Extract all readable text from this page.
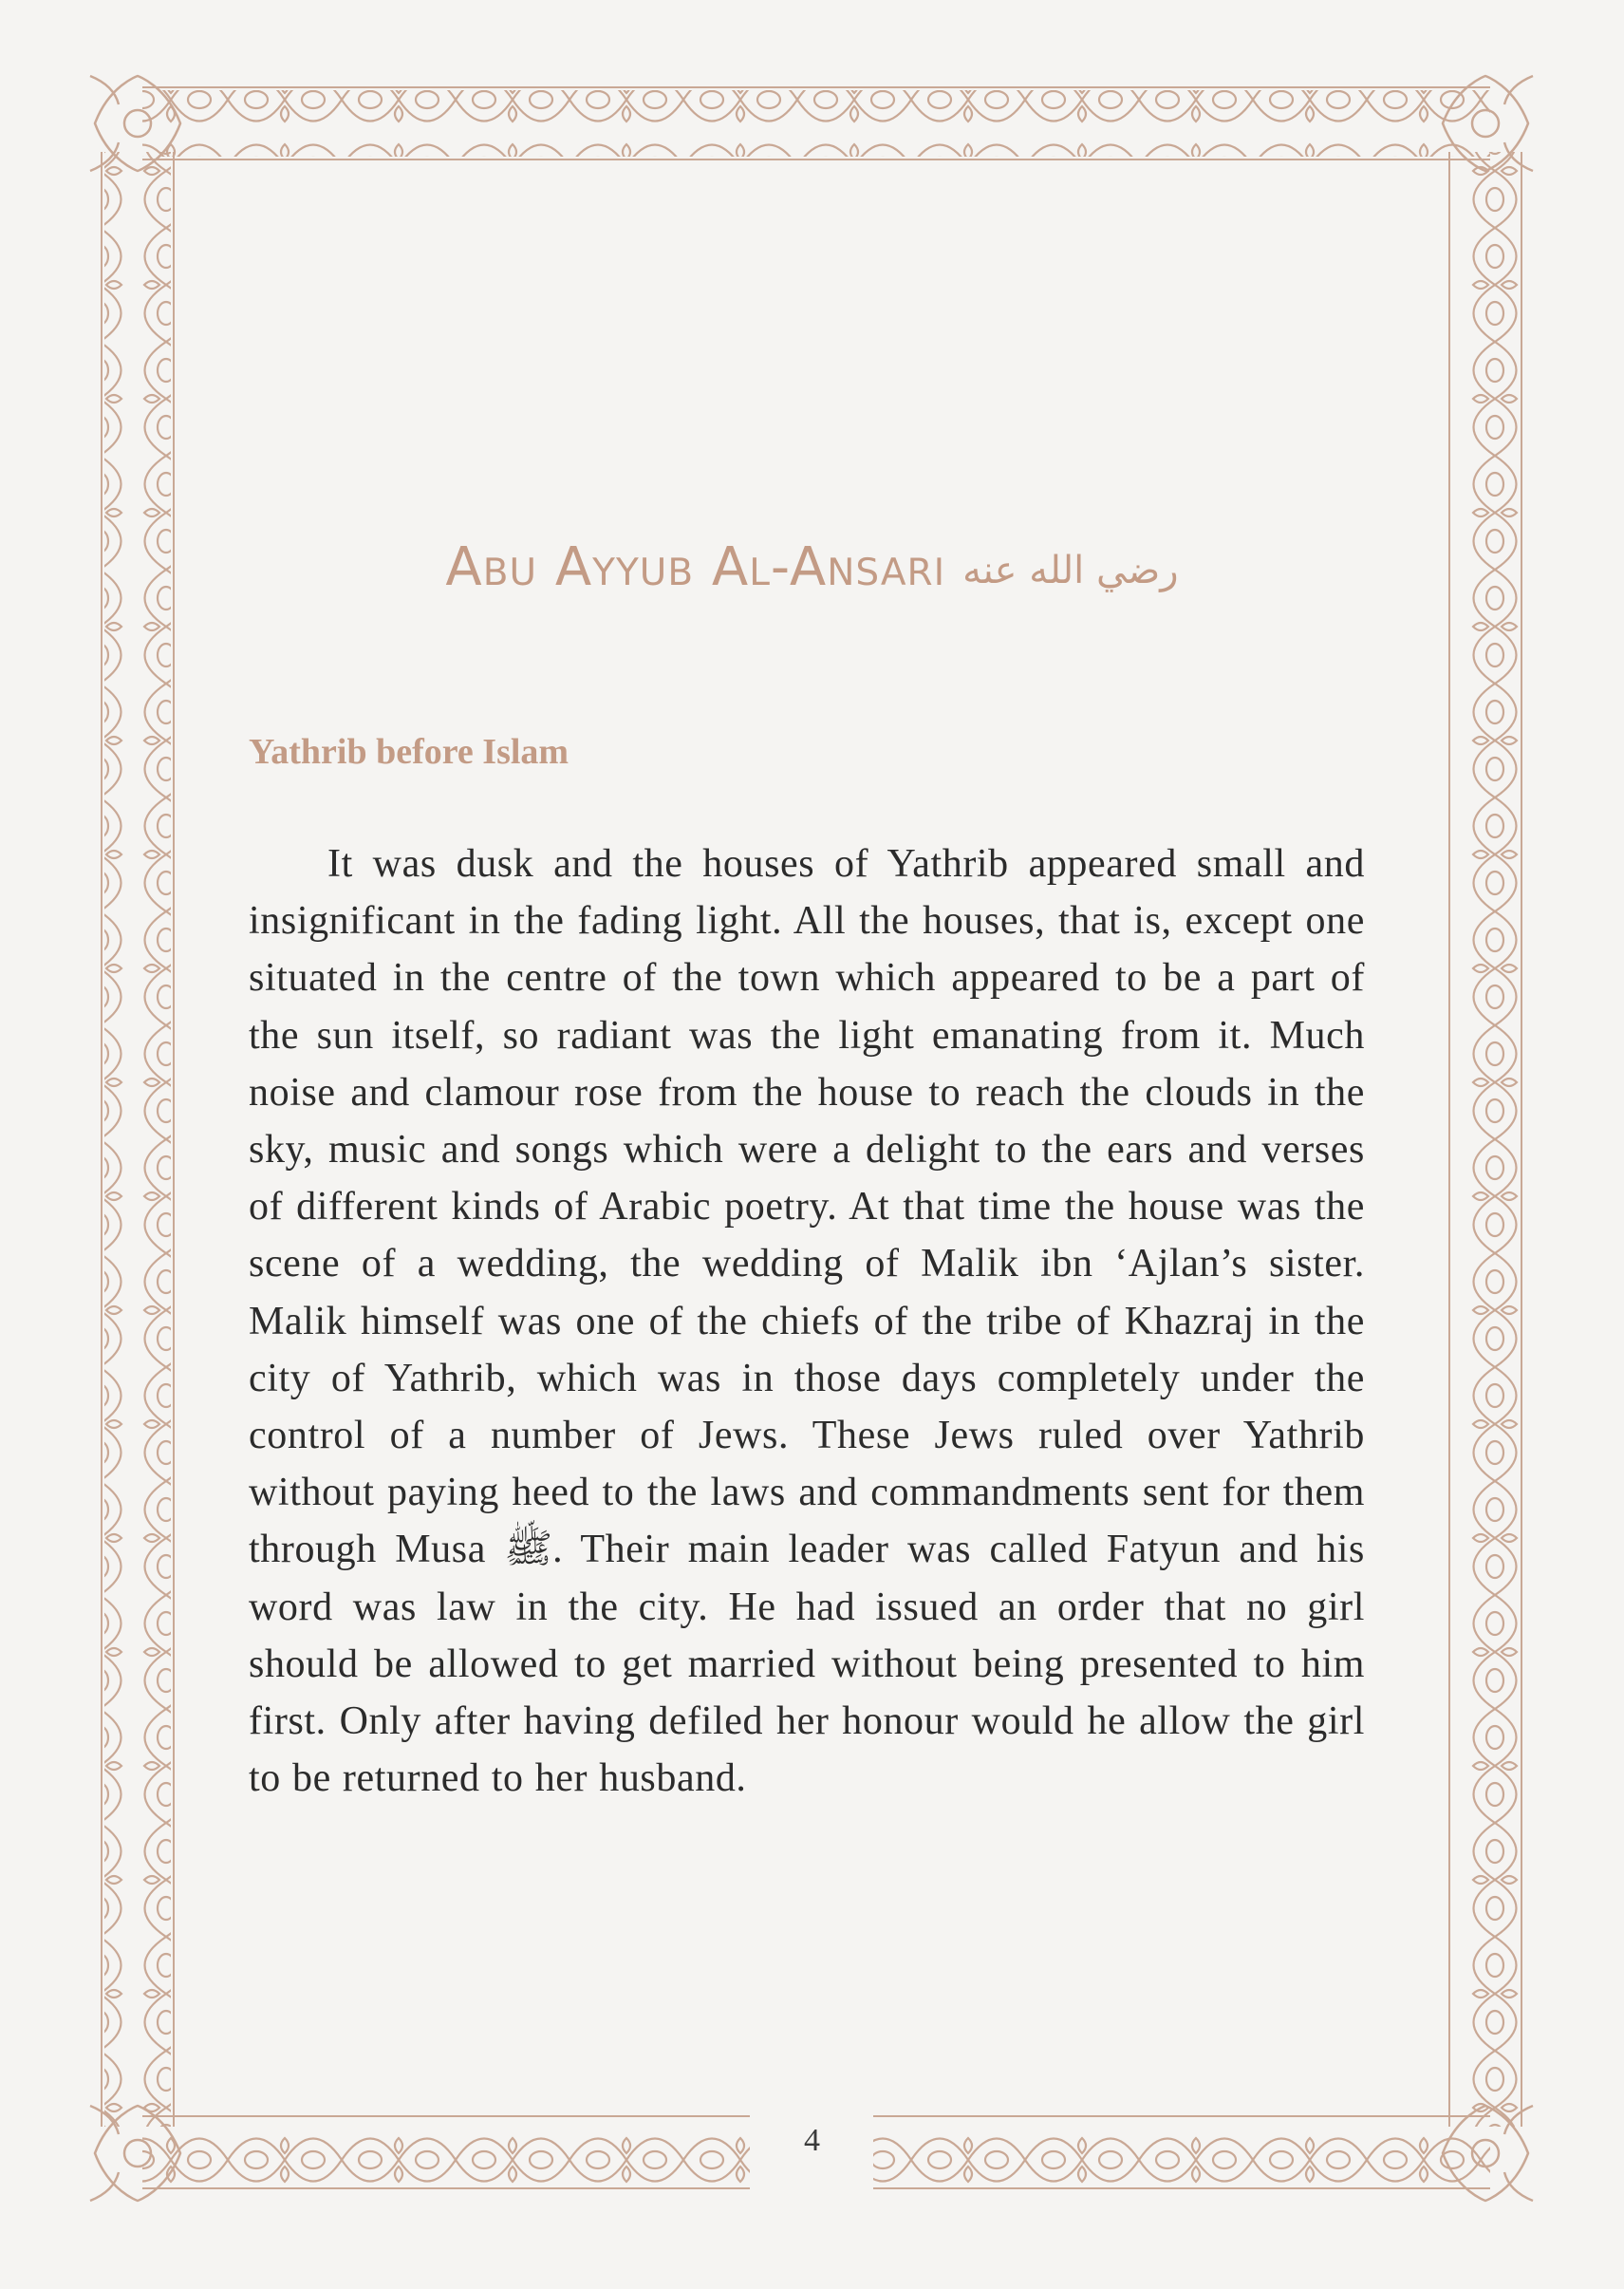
Abu Ayyub Al-Ansari رضي الله عنه
Yathrib before Islam
It was dusk and the houses of Yathrib appeared small and insignificant in the fading light. All the houses, that is, except one situated in the centre of the town which appeared to be a part of the sun itself, so radiant was the light emanating from it. Much noise and clamour rose from the house to reach the clouds in the sky, music and songs which were a delight to the ears and verses of different kinds of Arabic poetry. At that time the house was the scene of a wedding, the wedding of Malik ibn ‘Ajlan’s sister. Malik himself was one of the chiefs of the tribe of Khazraj in the city of Yathrib, which was in those days completely under the control of a number of Jews. These Jews ruled over Yathrib without paying heed to the laws and commandments sent for them through Musa ﷺ. Their main leader was called Fatyun and his word was law in the city. He had issued an order that no girl should be allowed to get married without being presented to him first. Only after having defiled her honour would he allow the girl to be returned to her husband.
4
